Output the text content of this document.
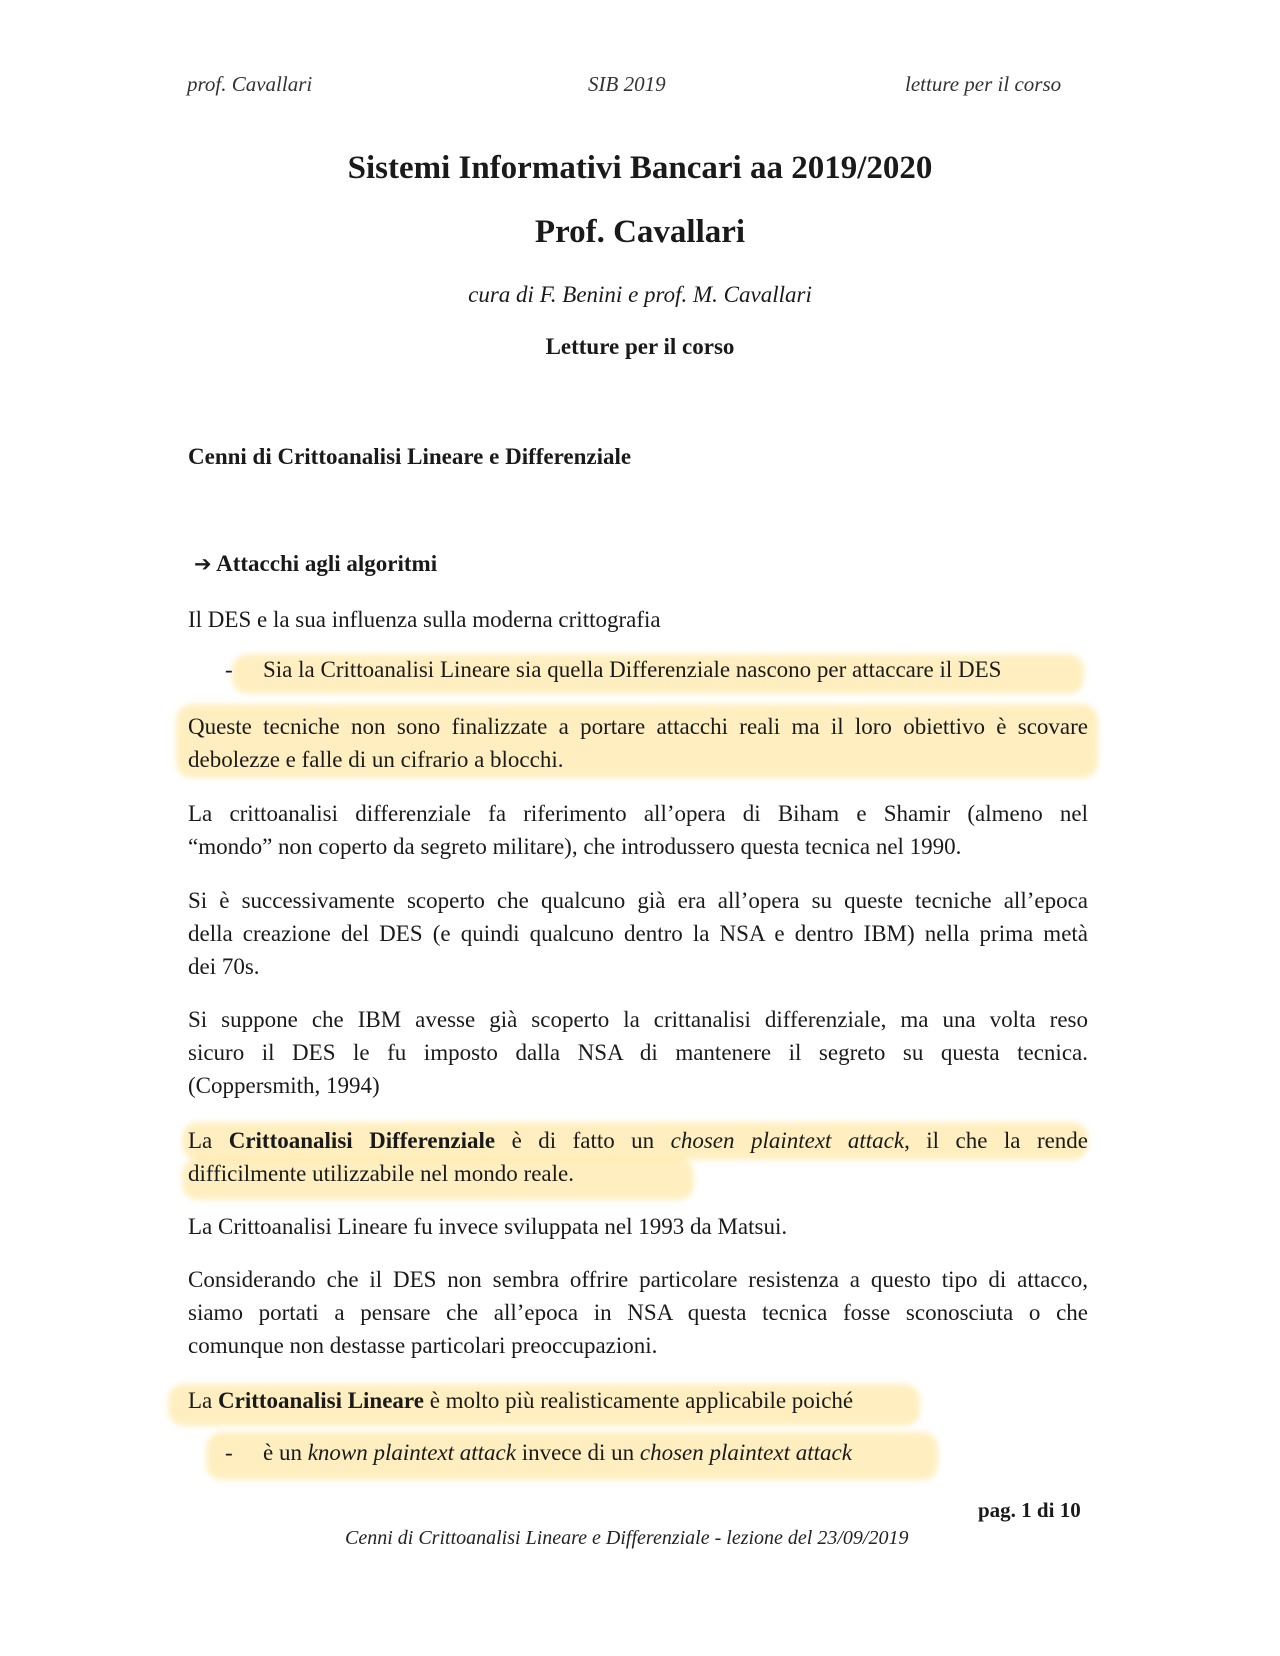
prof. Cavallari	SIB 2019	letture per il corso
Sistemi Informativi Bancari aa 2019/2020
Prof. Cavallari
cura di F. Benini e prof. M. Cavallari
Letture per il corso
Cenni di Crittoanalisi Lineare e Differenziale
➔ Attacchi agli algoritmi
Il DES e la sua influenza sulla moderna crittografia
- Sia la Crittoanalisi Lineare sia quella Differenziale nascono per attaccare il DES
Queste tecniche non sono finalizzate a portare attacchi reali ma il loro obiettivo è scovare
debolezze e falle di un cifrario a blocchi.
La crittoanalisi differenziale fa riferimento all’opera di Biham e Shamir (almeno nel
“mondo” non coperto da segreto militare), che introdussero questa tecnica nel 1990.
Si è successivamente scoperto che qualcuno già era all’opera su queste tecniche all’epoca
della creazione del DES (e quindi qualcuno dentro la NSA e dentro IBM) nella prima metà
dei 70s.
Si suppone che IBM avesse già scoperto la crittanalisi differenziale, ma una volta reso
sicuro il DES le fu imposto dalla NSA di mantenere il segreto su questa tecnica.
(Coppersmith, 1994)
La Crittoanalisi Differenziale è di fatto un chosen plaintext attack, il che la rende
difficilmente utilizzabile nel mondo reale.
La Crittoanalisi Lineare fu invece sviluppata nel 1993 da Matsui.
Considerando che il DES non sembra offrire particolare resistenza a questo tipo di attacco,
siamo portati a pensare che all’epoca in NSA questa tecnica fosse sconosciuta o che
comunque non destasse particolari preoccupazioni.
La Crittoanalisi Lineare è molto più realisticamente applicabile poiché
- è un known plaintext attack invece di un chosen plaintext attack
pag. 1 di 10
Cenni di Crittoanalisi Lineare e Differenziale - lezione del 23/09/2019
